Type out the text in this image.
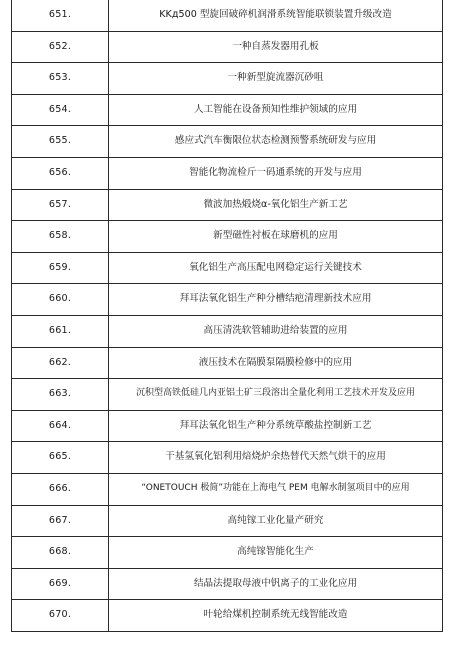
651.	KKд500 型旋回破碎机润滑系统智能联锁装置升级改造
652.	一种自蒸发器用孔板
653.	一种新型旋流器沉砂咀
654.	人工智能在设备预知性维护领域的应用
655.	感应式汽车衡限位状态检测预警系统研发与应用
656.	智能化物流检斤一码通系统的开发与应用
657.	微波加热煅烧α-氧化铝生产新工艺
658.	新型磁性衬板在球磨机的应用
659.	氧化铝生产高压配电网稳定运行关键技术
660.	拜耳法氧化铝生产种分槽结疤清理新技术应用
661.	高压清洗软管辅助进给装置的应用
662.	液压技术在隔膜泵隔膜检修中的应用
663.	沉积型高铁低硅几内亚铝土矿三段溶出全量化利用工艺技术开发及应用
664.	拜耳法氧化铝生产种分系统草酸盐控制新工艺
665.	干基氢氧化铝利用焙烧炉余热替代天然气烘干的应用
666.	“ONETOUCH 极简”功能在上海电气 PEM 电解水制氢项目中的应用
667.	高纯镓工业化量产研究
668.	高纯镓智能化生产
669.	结晶法提取母液中钒离子的工业化应用
670.	叶轮给煤机控制系统无线智能改造
